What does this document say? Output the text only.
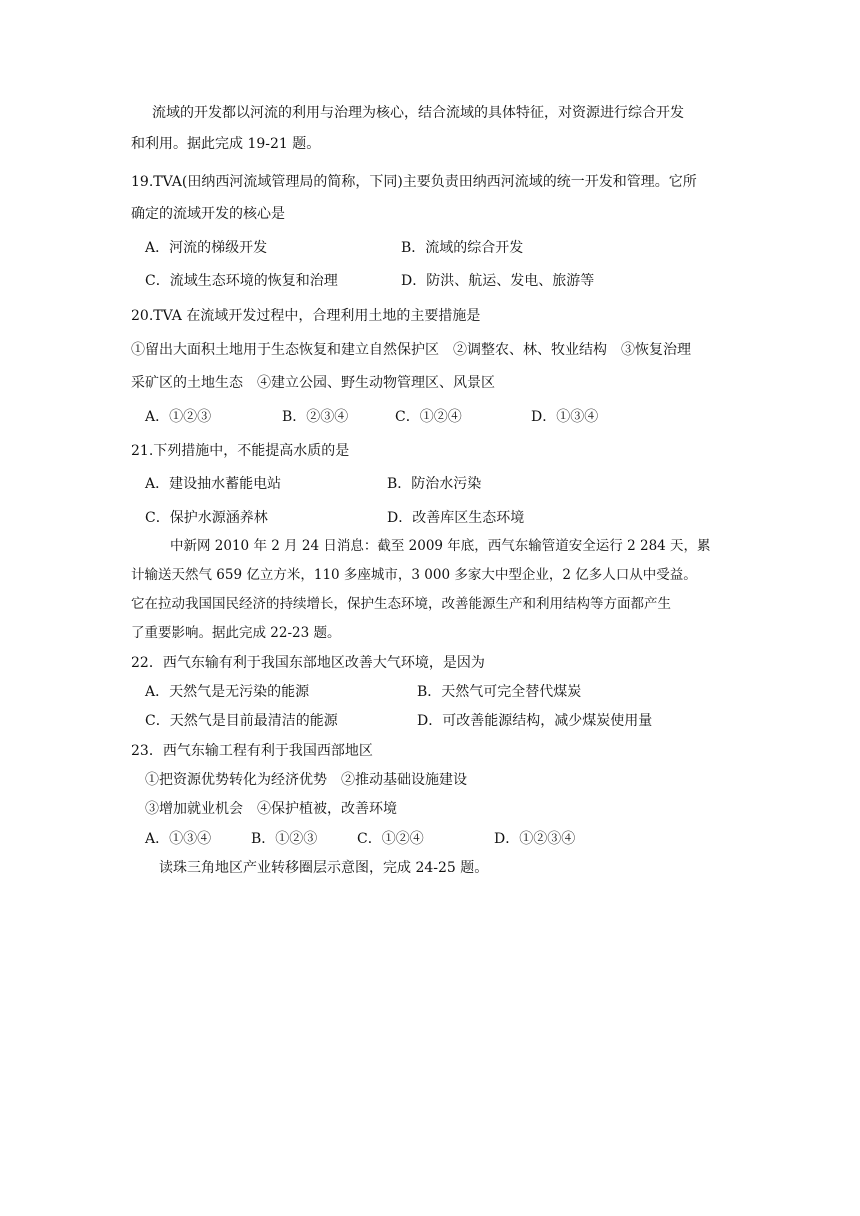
流域的开发都以河流的利用与治理为核心，结合流域的具体特征，对资源进行综合开发
和利用。据此完成 19-21 题。
19.TVA(田纳西河流域管理局的简称，下同)主要负责田纳西河流域的统一开发和管理。它所
确定的流域开发的核心是
A．河流的梯级开发	B．流域的综合开发
C．流域生态环境的恢复和治理	D．防洪、航运、发电、旅游等
20.TVA 在流域开发过程中，合理利用土地的主要措施是
①留出大面积土地用于生态恢复和建立自然保护区　②调整农、林、牧业结构　③恢复治理
采矿区的土地生态　④建立公园、野生动物管理区、风景区
A．①②③	B．②③④	C．①②④	D．①③④
21.下列措施中，不能提高水质的是
A．建设抽水蓄能电站	B．防治水污染
C．保护水源涵养林	D．改善库区生态环境
中新网 2010 年 2 月 24 日消息：截至 2009 年底，西气东输管道安全运行 2 284 天，累
计输送天然气 659 亿立方米，110 多座城市，3 000 多家大中型企业，2 亿多人口从中受益。
它在拉动我国国民经济的持续增长，保护生态环境，改善能源生产和利用结构等方面都产生
了重要影响。据此完成 22-23 题。
22．西气东输有利于我国东部地区改善大气环境，是因为
A．天然气是无污染的能源	B．天然气可完全替代煤炭
C．天然气是目前最清洁的能源	D．可改善能源结构，减少煤炭使用量
23．西气东输工程有利于我国西部地区
①把资源优势转化为经济优势　②推动基础设施建设
③增加就业机会　④保护植被，改善环境
A．①③④	B．①②③	C．①②④	D．①②③④
读珠三角地区产业转移圈层示意图，完成 24-25 题。
